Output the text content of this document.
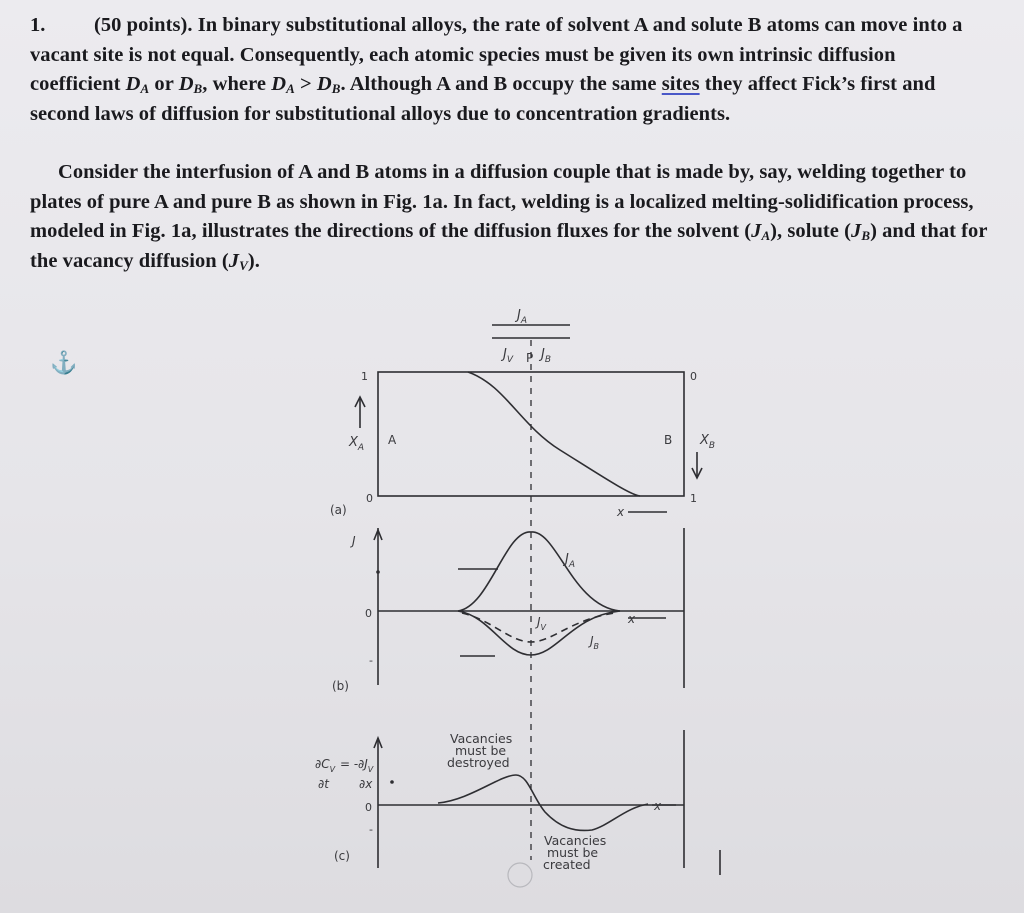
1. (50 points). In binary substitutional alloys, the rate of solvent A and solute B atoms can move into a vacant site is not equal. Consequently, each atomic species must be given its own intrinsic diffusion coefficient $D_A$ or $D_B$, where $D_A > D_B$. Although A and B occupy the same sites they affect Fick’s first and second laws of diffusion for substitutional alloys due to concentration gradients.
Consider the interfusion of A and B atoms in a diffusion couple that is made by, say, welding together to plates of pure A and pure B as shown in Fig. 1a. In fact, welding is a localized melting-solidification process, modeled in Fig. 1a, illustrates the directions of the diffusion fluxes for the solvent $(J_A)$, solute $(J_B)$ and that for the vacancy diffusion $(J_V)$.
⚓
$J_A$
$J_V$ P $J_B$
1
0
0
1
$X_A$
A	B $X_B$
x
(a)
J
0
-
$J_A$
$J_V$
$J_B$
x
(b)
$\partial C_V$ = - $\partial J_V$
∂t	∂x
0
-
Vacancies
must be
destroyed
Vacancies
must be
created
x
(c)
